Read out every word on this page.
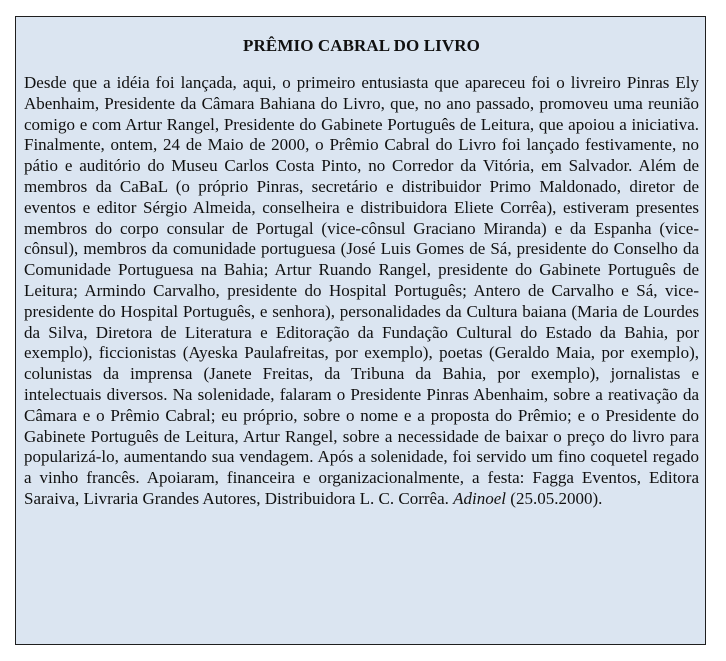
PRÊMIO CABRAL DO LIVRO

Desde que a idéia foi lançada, aqui, o primeiro entusiasta que apareceu foi o livreiro Pinras Ely Abenhaim, Presidente da Câmara Bahiana do Livro, que, no ano passado, promoveu uma reunião comigo e com Artur Rangel, Presidente do Gabinete Português de Leitura, que apoiou a iniciativa. Finalmente, ontem, 24 de Maio de 2000, o Prêmio Cabral do Livro foi lançado festivamente, no pátio e auditório do Museu Carlos Costa Pinto, no Corredor da Vitória, em Salvador. Além de membros da CaBaL (o próprio Pinras, secretário e distribuidor Primo Maldonado, diretor de eventos e editor Sérgio Almeida, conselheira e distribuidora Eliete Corrêa), estiveram presentes membros do corpo consular de Portugal (vice-cônsul Graciano Miranda) e da Espanha (vice-cônsul), membros da comunidade portuguesa (José Luis Gomes de Sá, presidente do Conselho da Comunidade Portuguesa na Bahia; Artur Ruando Rangel, presidente do Gabinete Português de Leitura; Armindo Carvalho, presidente do Hospital Português; Antero de Carvalho e Sá, vice-presidente do Hospital Português, e senhora), personalidades da Cultura baiana (Maria de Lourdes da Silva, Diretora de Literatura e Editoração da Fundação Cultural do Estado da Bahia, por exemplo), ficcionistas (Ayeska Paulafreitas, por exemplo), poetas (Geraldo Maia, por exemplo), colunistas da imprensa (Janete Freitas, da Tribuna da Bahia, por exemplo), jornalistas e intelectuais diversos. Na solenidade, falaram o Presidente Pinras Abenhaim, sobre a reativação da Câmara e o Prêmio Cabral; eu próprio, sobre o nome e a proposta do Prêmio; e o Presidente do Gabinete Português de Leitura, Artur Rangel, sobre a necessidade de baixar o preço do livro para popularizá-lo, aumentando sua vendagem. Após a solenidade, foi servido um fino coquetel regado a vinho francês. Apoiaram, financeira e organizacionalmente, a festa: Fagga Eventos, Editora Saraiva, Livraria Grandes Autores, Distribuidora L. C. Corrêa. Adinoel (25.05.2000).
